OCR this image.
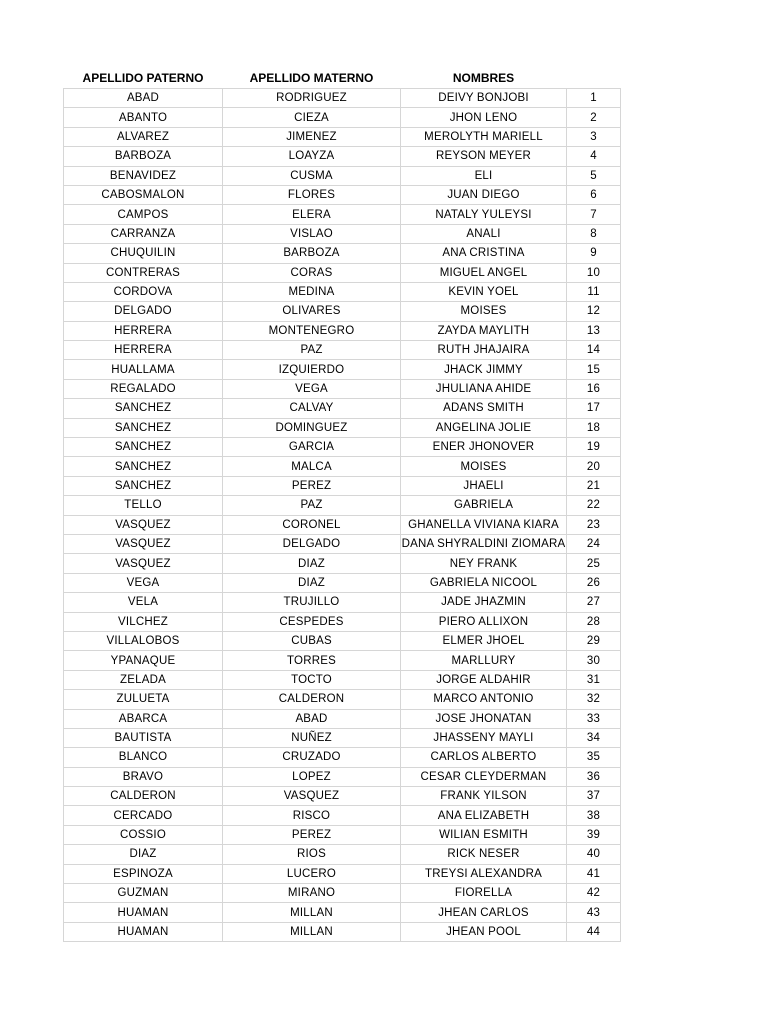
APELLIDO PATERNO	APELLIDO MATERNO	NOMBRES	
ABAD	RODRIGUEZ	DEIVY BONJOBI	1
ABANTO	CIEZA	JHON LENO	2
ALVAREZ	JIMENEZ	MEROLYTH MARIELL	3
BARBOZA	LOAYZA	REYSON MEYER	4
BENAVIDEZ	CUSMA	ELI	5
CABOSMALON	FLORES	JUAN DIEGO	6
CAMPOS	ELERA	NATALY YULEYSI	7
CARRANZA	VISLAO	ANALI	8
CHUQUILIN	BARBOZA	ANA CRISTINA	9
CONTRERAS	CORAS	MIGUEL ANGEL	10
CORDOVA	MEDINA	KEVIN YOEL	11
DELGADO	OLIVARES	MOISES	12
HERRERA	MONTENEGRO	ZAYDA MAYLITH	13
HERRERA	PAZ	RUTH JHAJAIRA	14
HUALLAMA	IZQUIERDO	JHACK JIMMY	15
REGALADO	VEGA	JHULIANA AHIDE	16
SANCHEZ	CALVAY	ADANS SMITH	17
SANCHEZ	DOMINGUEZ	ANGELINA JOLIE	18
SANCHEZ	GARCIA	ENER JHONOVER	19
SANCHEZ	MALCA	MOISES	20
SANCHEZ	PEREZ	JHAELI	21
TELLO	PAZ	GABRIELA	22
VASQUEZ	CORONEL	GHANELLA VIVIANA KIARA	23
VASQUEZ	DELGADO	DANA SHYRALDINI ZIOMARA	24
VASQUEZ	DIAZ	NEY FRANK	25
VEGA	DIAZ	GABRIELA NICOOL	26
VELA	TRUJILLO	JADE JHAZMIN	27
VILCHEZ	CESPEDES	PIERO ALLIXON	28
VILLALOBOS	CUBAS	ELMER JHOEL	29
YPANAQUE	TORRES	MARLLURY	30
ZELADA	TOCTO	JORGE ALDAHIR	31
ZULUETA	CALDERON	MARCO ANTONIO	32
ABARCA	ABAD	JOSE JHONATAN	33
BAUTISTA	NUÑEZ	JHASSENY MAYLI	34
BLANCO	CRUZADO	CARLOS ALBERTO	35
BRAVO	LOPEZ	CESAR CLEYDERMAN	36
CALDERON	VASQUEZ	FRANK YILSON	37
CERCADO	RISCO	ANA ELIZABETH	38
COSSIO	PEREZ	WILIAN ESMITH	39
DIAZ	RIOS	RICK NESER	40
ESPINOZA	LUCERO	TREYSI ALEXANDRA	41
GUZMAN	MIRANO	FIORELLA	42
HUAMAN	MILLAN	JHEAN CARLOS	43
HUAMAN	MILLAN	JHEAN POOL	44
